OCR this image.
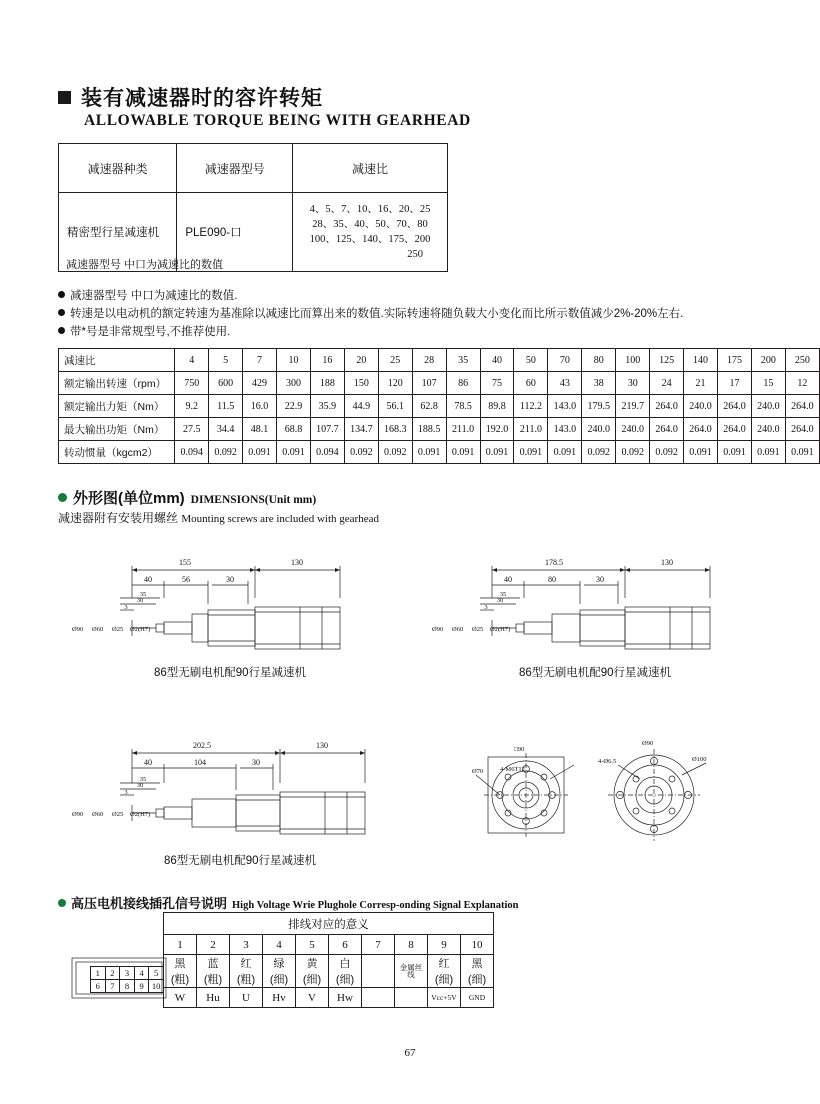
装有减速器时的容许转矩
ALLOWABLE TORQUE BEING WITH GEARHEAD
减速器种类	减速器型号	减速比
精密型行星减速机	PLE090-口	4、5、7、10、16、20、25
28、35、40、50、70、80
100、125、140、175、200

250
减速器型号 中口为减速比的数值
减速器型号 中口为减速比的数值.
转速是以电动机的额定转速为基准除以减速比而算出来的数值.实际转速将随负载大小变化而比所示数值减少2%-20%左右.
带*号是非常规型号,不推荐使用.
减速比	4	5	7	10	16	20	25	28	35	40	50	70	80	100	125	140	175	200	250
额定输出转速（rpm）	750	600	429	300	188	150	120	107	86	75	60	43	38	30	24	21	17	15	12
额定输出力矩（Nm）	9.2	11.5	16.0	22.9	35.9	44.9	56.1	62.8	78.5	89.8	112.2	143.0	179.5	219.7	264.0	240.0	264.0	240.0	264.0
最大输出功矩（Nm）	27.5	34.4	48.1	68.8	107.7	134.7	168.3	188.5	211.0	192.0	211.0	143.0	240.0	240.0	264.0	264.0	264.0	240.0	264.0
转动惯量（kgcm2）	0.094	0.092	0.091	0.091	0.094	0.092	0.092	0.091	0.091	0.091	0.091	0.091	0.092	0.092	0.092	0.091	0.091	0.091	0.091
外形图(单位mm) DIMENSIONS(Unit mm)
减速器附有安装用螺丝 Mounting screws are included with gearhead
155	130
40	56	30
35
30
3
Ø90 Ø60 Ø25 Ø2(H7)
86型无刷电机配90行星减速机
178.5	130
40	80	30
35
30
3
Ø90 Ø60 Ø25 Ø2(H7)
86型无刷电机配90行星减速机
202.5	130
40	104	30
35
30
3
Ø90 Ø60 Ø25 Ø2(H7)
86型无刷电机配90行星减速机
□90
Ø70	4-M6T12
Ø90
4-Ø6.5	Ø100
高压电机接线插孔信号说明 High Voltage Wrie Plughole Corresp-onding Signal Explanation
排线对应的意义									
1	2	3	4	5	6	7	8	9	10
黑(粗)	蓝(粗)	红(粗)	绿(细)	黄(细)	白(细)		金属丝线	红(细)	黑(细)
W	Hu	U	Hv	V	Hw			Vcc+5V	GND
1	2	3	4	5
6	7	8	9 10
67
